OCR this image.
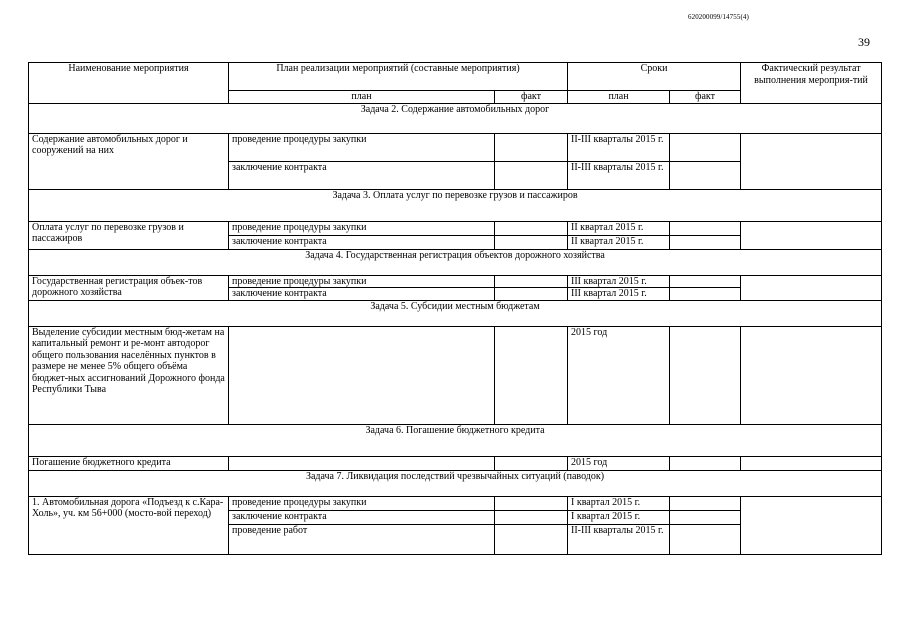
620200099/14755(4)
39
Наименование мероприятия	План реализации мероприятий (составные мероприятия)		Сроки		Фактический результат выполнения мероприя-тий
	план	факт	план	факт	
Задача 2. Содержание автомобильных дорог					
Содержание автомобильных дорог и сооружений на них	проведение процедуры закупки		II-III кварталы 2015 г.		
	заключение контракта		II-III кварталы 2015 г.		
Задача 3. Оплата услуг по перевозке грузов и пассажиров					
Оплата услуг по перевозке грузов и пассажиров	проведение процедуры закупки		II квартал 2015 г.		
	заключение контракта		II квартал 2015 г.		
Задача 4. Государственная регистрация объектов дорожного хозяйства					
Государственная регистрация объек-тов дорожного хозяйства	проведение процедуры закупки		III квартал 2015 г.		
	заключение контракта		III квартал 2015 г.		
Задача 5. Субсидии местным бюджетам					
Выделение субсидии местным бюд-жетам на капитальный ремонт и ре-монт автодорог общего пользования населённых пунктов в размере не менее 5% общего объёма бюджет-ных ассигнований Дорожного фонда Республики Тыва			2015 год		
Задача 6. Погашение бюджетного кредита					
Погашение бюджетного кредита			2015 год		
Задача 7. Ликвидация последствий чрезвычайных ситуаций (паводок)					
1. Автомобильная дорога «Подъезд к с.Кара-Холь», уч. км 56+000 (мосто-вой переход)	проведение процедуры закупки		I квартал 2015 г.		
	заключение контракта		I квартал 2015 г.		
	проведение работ		II-III кварталы 2015 г.		
